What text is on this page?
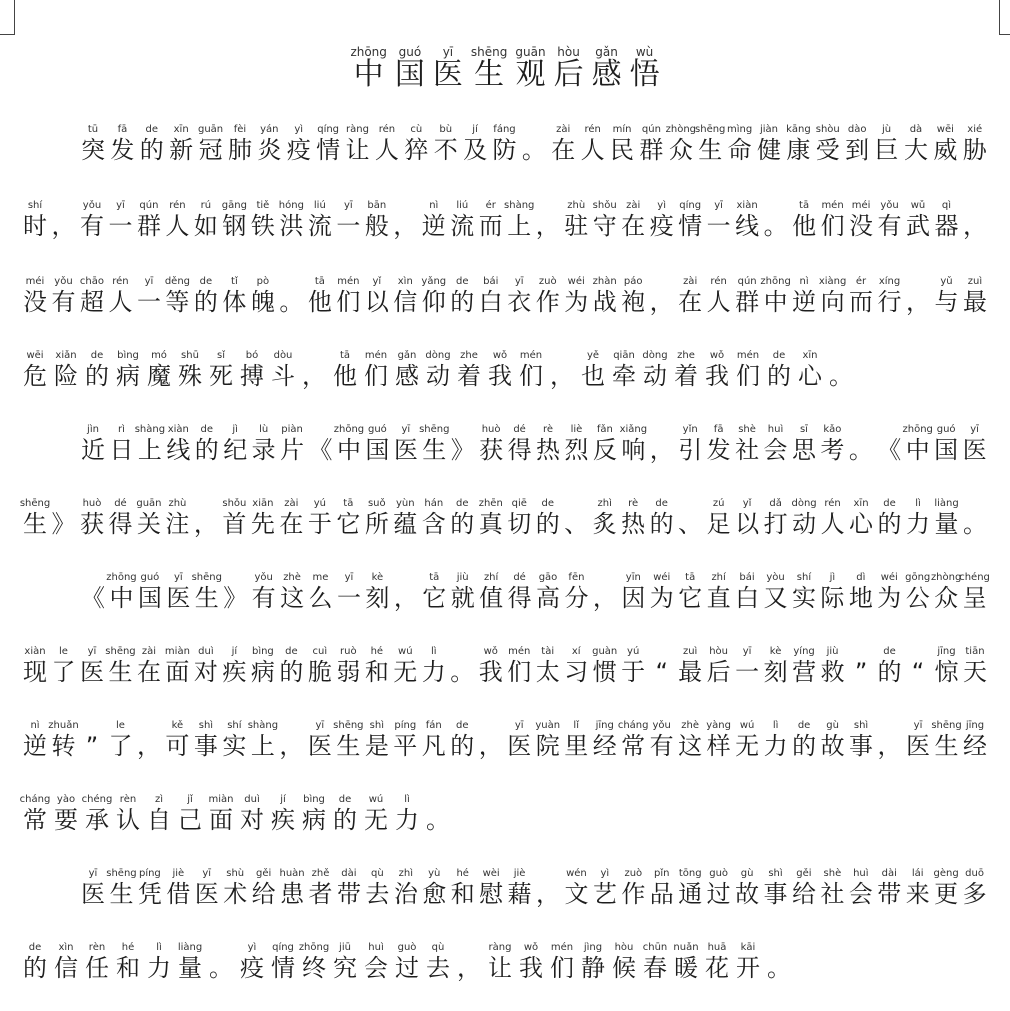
zhōng
中
guó
国
yī
医
shēng
生
guān
观
hòu
后
gǎn
感
wù
悟
tū
突
fā
发
de
的
xīn
新
guān
冠
fèi
肺
yán
炎
yì
疫
qíng
情
ràng
让
rén
人
cù
猝
bù
不
jí
及
fáng
防 。
zài
在
rén
人
mín
民
qún
群
zhòng
众
shēng
生
mìng
命
jiàn
健
kāng
康
shòu
受
dào
到
jù
巨
dà
大
wēi
威
xié
胁
shí
时 ，
yǒu
有
yī
一
qún
群
rén
人
rú
如
gāng
钢
tiě
铁
hóng
洪
liú
流
yī
一
bān
般 ，
nì
逆
liú
流
ér
而
shàng
上 ，
zhù
驻
shǒu
守
zài
在
yì
疫
qíng
情
yī
一
xiàn
线 。
tā
他
mén
们
méi
没
yǒu
有
wǔ
武
qì
器 ，
méi
没
yǒu
有
chāo
超
rén
人
yī
一
děng
等
de
的
tǐ
体
pò
魄 。
tā
他
mén
们
yǐ
以
xìn
信
yǎng
仰
de
的
bái
白
yī
衣
zuò
作
wéi
为
zhàn
战
páo
袍 ，
zài
在
rén
人
qún
群
zhōng
中
nì
逆
xiàng
向
ér
而
xíng
行 ，
yǔ
与
zuì
最
wēi
危
xiǎn
险
de
的
bìng
病
mó
魔
shū
殊
sǐ
死
bó
搏
dòu
斗 ，
tā
他
mén
们
gǎn
感
dòng
动
zhe
着
wǒ
我
mén
们 ，
yě
也
qiān
牵
dòng
动
zhe
着
wǒ
我
mén
们
de
的
xīn
心 。
jìn
近
rì
日
shàng
上
xiàn
线
de
的
jì
纪
lù
录
piàn
片 《
zhōng
中
guó
国
yī
医
shēng
生 》
huò
获
dé
得
rè
热
liè
烈
fǎn
反
xiǎng
响 ，
yǐn
引
fā
发
shè
社
huì
会
sī
思
kǎo
考 。 《
zhōng
中
guó
国
yī
医
shēng
生 》
huò
获
dé
得
guān
关
zhù
注 ，
shǒu
首
xiān
先
zài
在
yú
于
tā
它
suǒ
所
yùn
蕴
hán
含
de
的
zhēn
真
qiē
切
de
的 、
zhì
炙
rè
热
de
的 、
zú
足
yǐ
以
dǎ
打
dòng
动
rén
人
xīn
心
de
的
lì
力
liàng
量 。
《
zhōng
中
guó
国
yī
医
shēng
生 》
yǒu
有
zhè
这
me
么
yī
一
kè
刻 ，
tā
它
jiù
就
zhí
值
dé
得
gāo
高
fēn
分 ，
yīn
因
wéi
为
tā
它
zhí
直
bái
白
yòu
又
shí
实
jì
际
dì
地
wéi
为
gōng
公
zhòng
众
chéng
呈
xiàn
现
le
了
yī
医
shēng
生
zài
在
miàn
面
duì
对
jí
疾
bìng
病
de
的
cuì
脆
ruò
弱
hé
和
wú
无
lì
力 。
wǒ
我
mén
们
tài
太
xí
习
guàn
惯
yú
于 “
zuì
最
hòu
后
yī
一
kè
刻
yíng
营
jiù
救 ”
de
的 “
jīng
惊
tiān
天
nì
逆
zhuǎn
转 ”
le
了 ，
kě
可
shì
事
shí
实
shàng
上 ，
yī
医
shēng
生
shì
是
píng
平
fán
凡
de
的 ，
yī
医
yuàn
院
lǐ
里
jīng
经
cháng
常
yǒu
有
zhè
这
yàng
样
wú
无
lì
力
de
的
gù
故
shì
事 ，
yī
医
shēng
生
jīng
经
cháng
常
yào
要
chéng
承
rèn
认
zì
自
jǐ
己
miàn
面
duì
对
jí
疾
bìng
病
de
的
wú
无
lì
力 。
yī
医
shēng
生
píng
凭
jiè
借
yī
医
shù
术
gěi
给
huàn
患
zhě
者
dài
带
qù
去
zhì
治
yù
愈
hé
和
wèi
慰
jiè
藉 ，
wén
文
yì
艺
zuò
作
pǐn
品
tōng
通
guò
过
gù
故
shì
事
gěi
给
shè
社
huì
会
dài
带
lái
来
gèng
更
duō
多
de
的
xìn
信
rèn
任
hé
和
lì
力
liàng
量 。
yì
疫
qíng
情
zhōng
终
jiū
究
huì
会
guò
过
qù
去 ，
ràng
让
wǒ
我
mén
们
jìng
静
hòu
候
chūn
春
nuǎn
暖
huā
花
kāi
开 。
